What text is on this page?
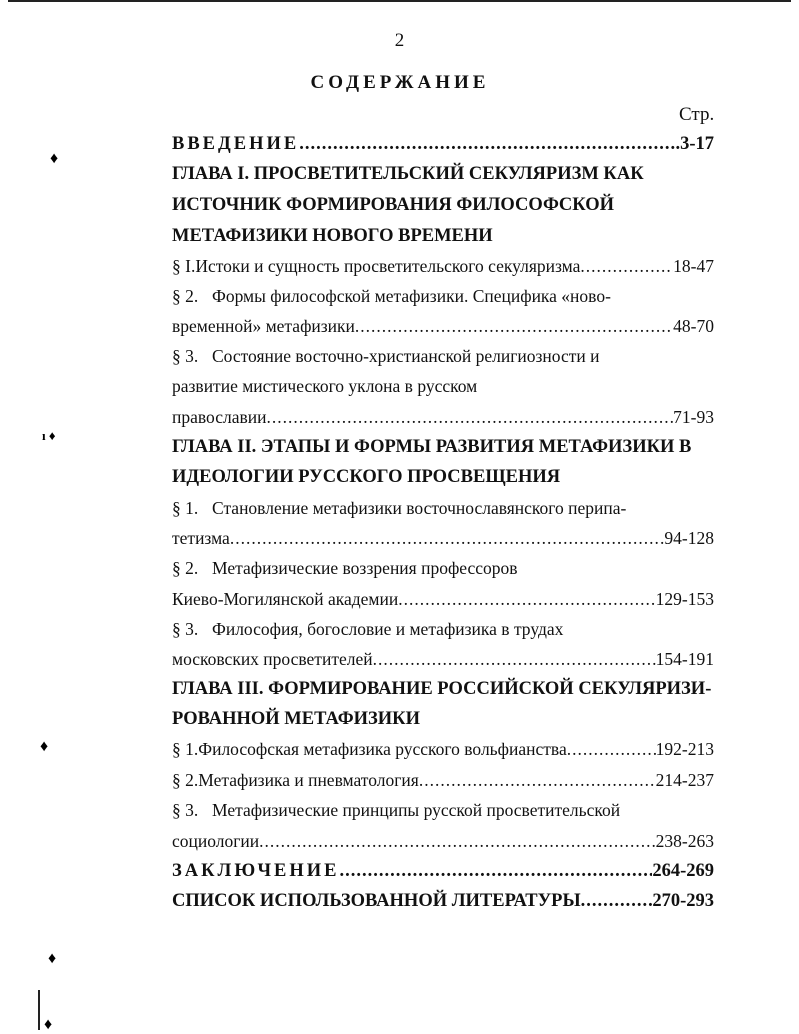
2
СОДЕРЖАНИЕ
Стр.
ВВЕДЕНИЕ .....	.3-17
ГЛАВА I. ПРОСВЕТИТЕЛЬСКИЙ СЕКУЛЯРИЗМ КАК
ИСТОЧНИК ФОРМИРОВАНИЯ ФИЛОСОФСКОЙ
МЕТАФИЗИКИ НОВОГО ВРЕМЕНИ
§ I. Истоки и сущность просветительского секуляризма .....	18-47
§ 2. Формы философской метафизики. Специфика «ново-
временной» метафизики .....	48-70
§ 3. Состояние восточно-христианской религиозности и
развитие мистического уклона в русском
православии .....	71-93
ГЛАВА II. ЭТАПЫ И ФОРМЫ РАЗВИТИЯ МЕТАФИЗИКИ В
ИДЕОЛОГИИ РУССКОГО ПРОСВЕЩЕНИЯ
§ 1. Становление метафизики восточнославянского перипа-
тетизма .....	.94-128
§ 2. Метафизические воззрения профессоров
Киево-Могилянской академии .....	129-153
§ 3. Философия, богословие и метафизика в трудах
московских просветителей .....	154-191
ГЛАВА III. ФОРМИРОВАНИЕ РОССИЙСКОЙ СЕКУЛЯРИЗИ-
РОВАННОЙ МЕТАФИЗИКИ
§ 1. Философская метафизика русского вольфианства .....	192-213
§ 2. Метафизика и пневматология .....	214-237
§ 3. Метафизические принципы русской просветительской
социологии .....	238-263
ЗАКЛЮЧЕНИЕ .....	264-269
СПИСОК ИСПОЛЬЗОВАННОЙ ЛИТЕРАТУРЫ .....	270-293
♦
ı ♦
♦
♦
♦
